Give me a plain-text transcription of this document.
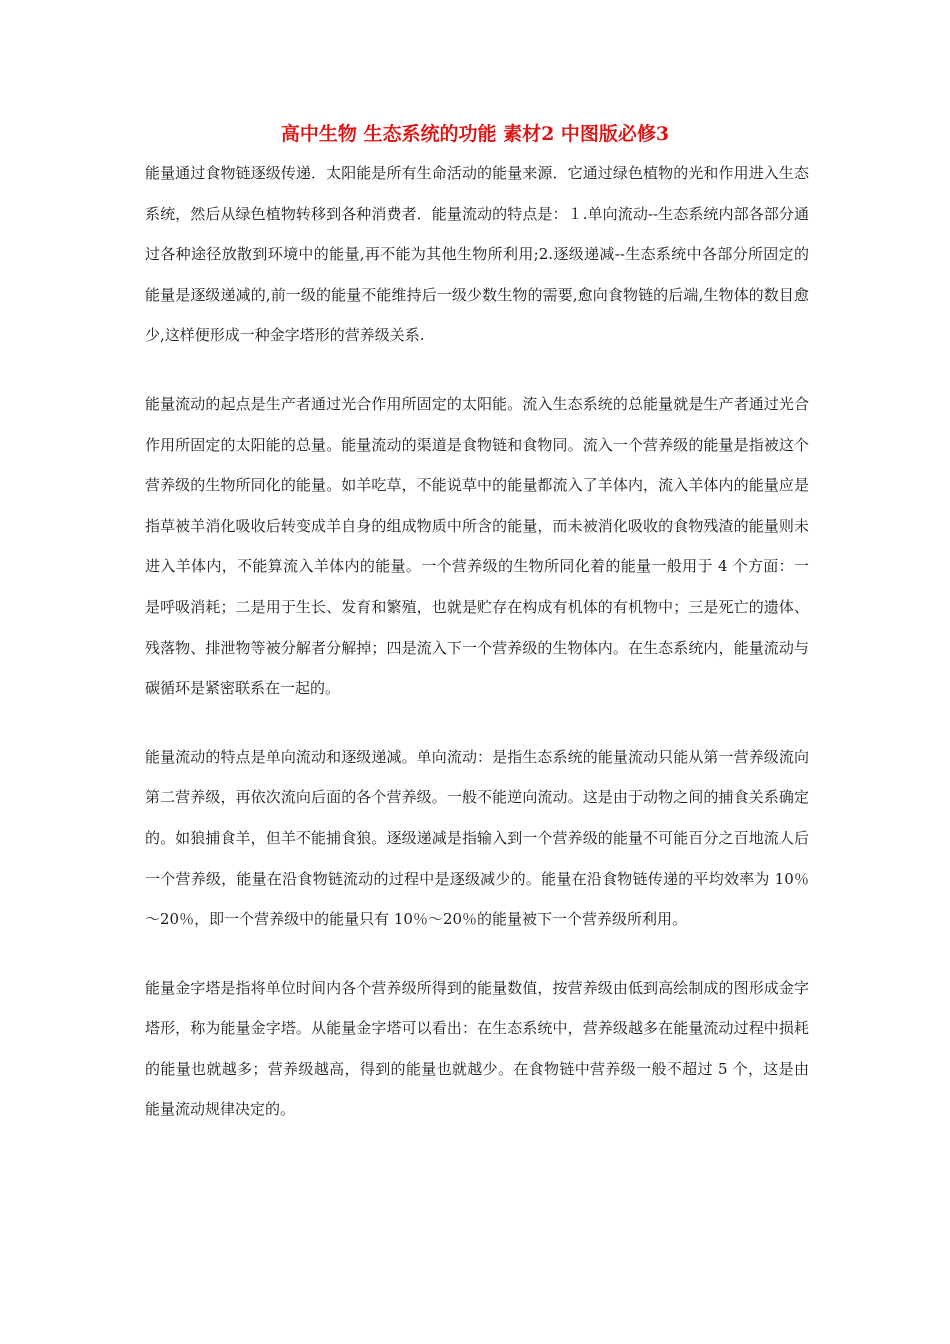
高中生物 生态系统的功能 素材2 中图版必修3

能量通过食物链逐级传递．太阳能是所有生命活动的能量来源．它通过绿色植物的光和作用进入生态系统，然后从绿色植物转移到各种消费者．能量流动的特点是：１.单向流动--生态系统内部各部分通过各种途径放散到环境中的能量,再不能为其他生物所利用;2.逐级递减--生态系统中各部分所固定的能量是逐级递减的,前一级的能量不能维持后一级少数生物的需要,愈向食物链的后端,生物体的数目愈少,这样便形成一种金字塔形的营养级关系.

能量流动的起点是生产者通过光合作用所固定的太阳能。流入生态系统的总能量就是生产者通过光合作用所固定的太阳能的总量。能量流动的渠道是食物链和食物同。流入一个营养级的能量是指被这个营养级的生物所同化的能量。如羊吃草，不能说草中的能量都流入了羊体内，流入羊体内的能量应是指草被羊消化吸收后转变成羊自身的组成物质中所含的能量，而未被消化吸收的食物残渣的能量则未进入羊体内，不能算流入羊体内的能量。一个营养级的生物所同化着的能量一般用于 4 个方面：一是呼吸消耗；二是用于生长、发育和繁殖，也就是贮存在构成有机体的有机物中；三是死亡的遗体、残落物、排泄物等被分解者分解掉；四是流入下一个营养级的生物体内。在生态系统内，能量流动与碳循环是紧密联系在一起的。

能量流动的特点是单向流动和逐级递减。单向流动：是指生态系统的能量流动只能从第一营养级流向第二营养级，再依次流向后面的各个营养级。一般不能逆向流动。这是由于动物之间的捕食关系确定的。如狼捕食羊，但羊不能捕食狼。逐级递减是指输入到一个营养级的能量不可能百分之百地流人后一个营养级，能量在沿食物链流动的过程中是逐级减少的。能量在沿食物链传递的平均效率为 10％～20％，即一个营养级中的能量只有 10％～20％的能量被下一个营养级所利用。

能量金字塔是指将单位时间内各个营养级所得到的能量数值，按营养级由低到高绘制成的图形成金字塔形，称为能量金字塔。从能量金字塔可以看出：在生态系统中，营养级越多在能量流动过程中损耗的能量也就越多；营养级越高，得到的能量也就越少。在食物链中营养级一般不超过 5 个，这是由能量流动规律决定的。
